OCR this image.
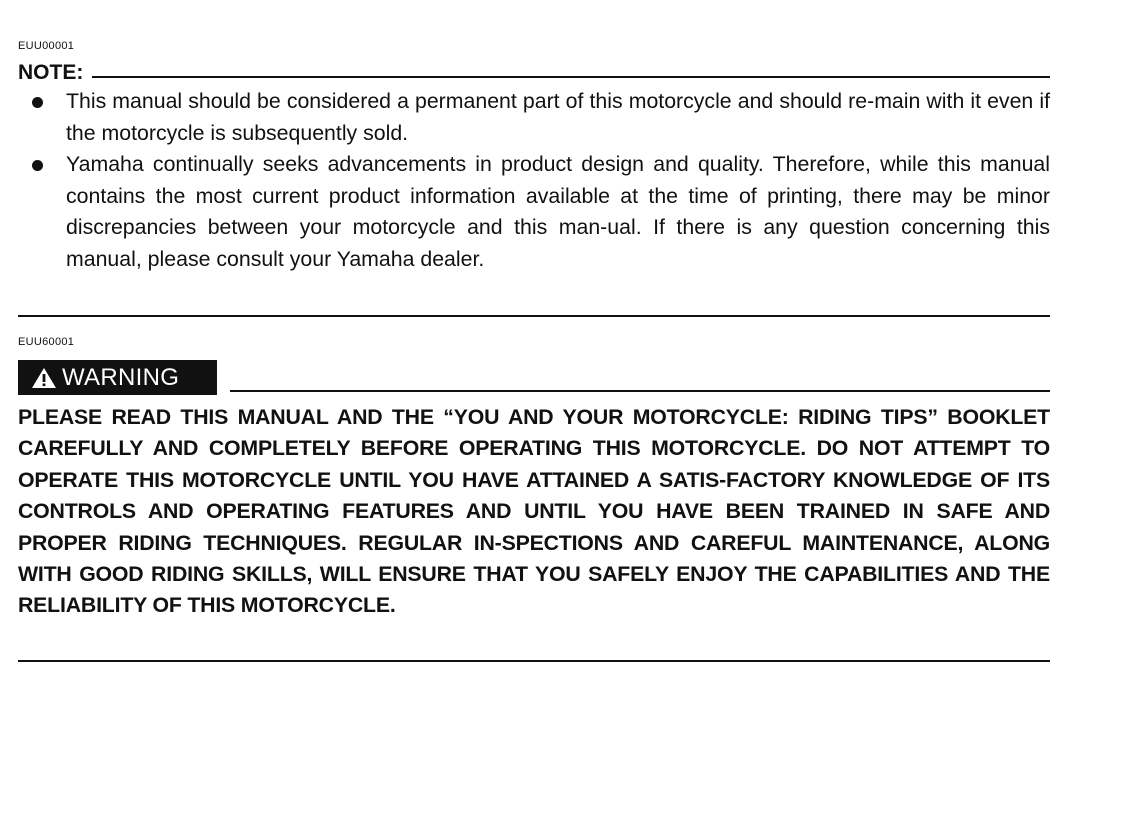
EUU00001
NOTE:
This manual should be considered a permanent part of this motorcycle and should re-main with it even if the motorcycle is subsequently sold.
Yamaha continually seeks advancements in product design and quality. Therefore, while this manual contains the most current product information available at the time of printing, there may be minor discrepancies between your motorcycle and this man-ual. If there is any question concerning this manual, please consult your Yamaha dealer.
EUU60001
WARNING
PLEASE READ THIS MANUAL AND THE “YOU AND YOUR MOTORCYCLE: RIDING TIPS” BOOKLET CAREFULLY AND COMPLETELY BEFORE OPERATING THIS MOTORCYCLE. DO NOT ATTEMPT TO OPERATE THIS MOTORCYCLE UNTIL YOU HAVE ATTAINED A SATIS-FACTORY KNOWLEDGE OF ITS CONTROLS AND OPERATING FEATURES AND UNTIL YOU HAVE BEEN TRAINED IN SAFE AND PROPER RIDING TECHNIQUES. REGULAR IN-SPECTIONS AND CAREFUL MAINTENANCE, ALONG WITH GOOD RIDING SKILLS, WILL ENSURE THAT YOU SAFELY ENJOY THE CAPABILITIES AND THE RELIABILITY OF THIS MOTORCYCLE.
